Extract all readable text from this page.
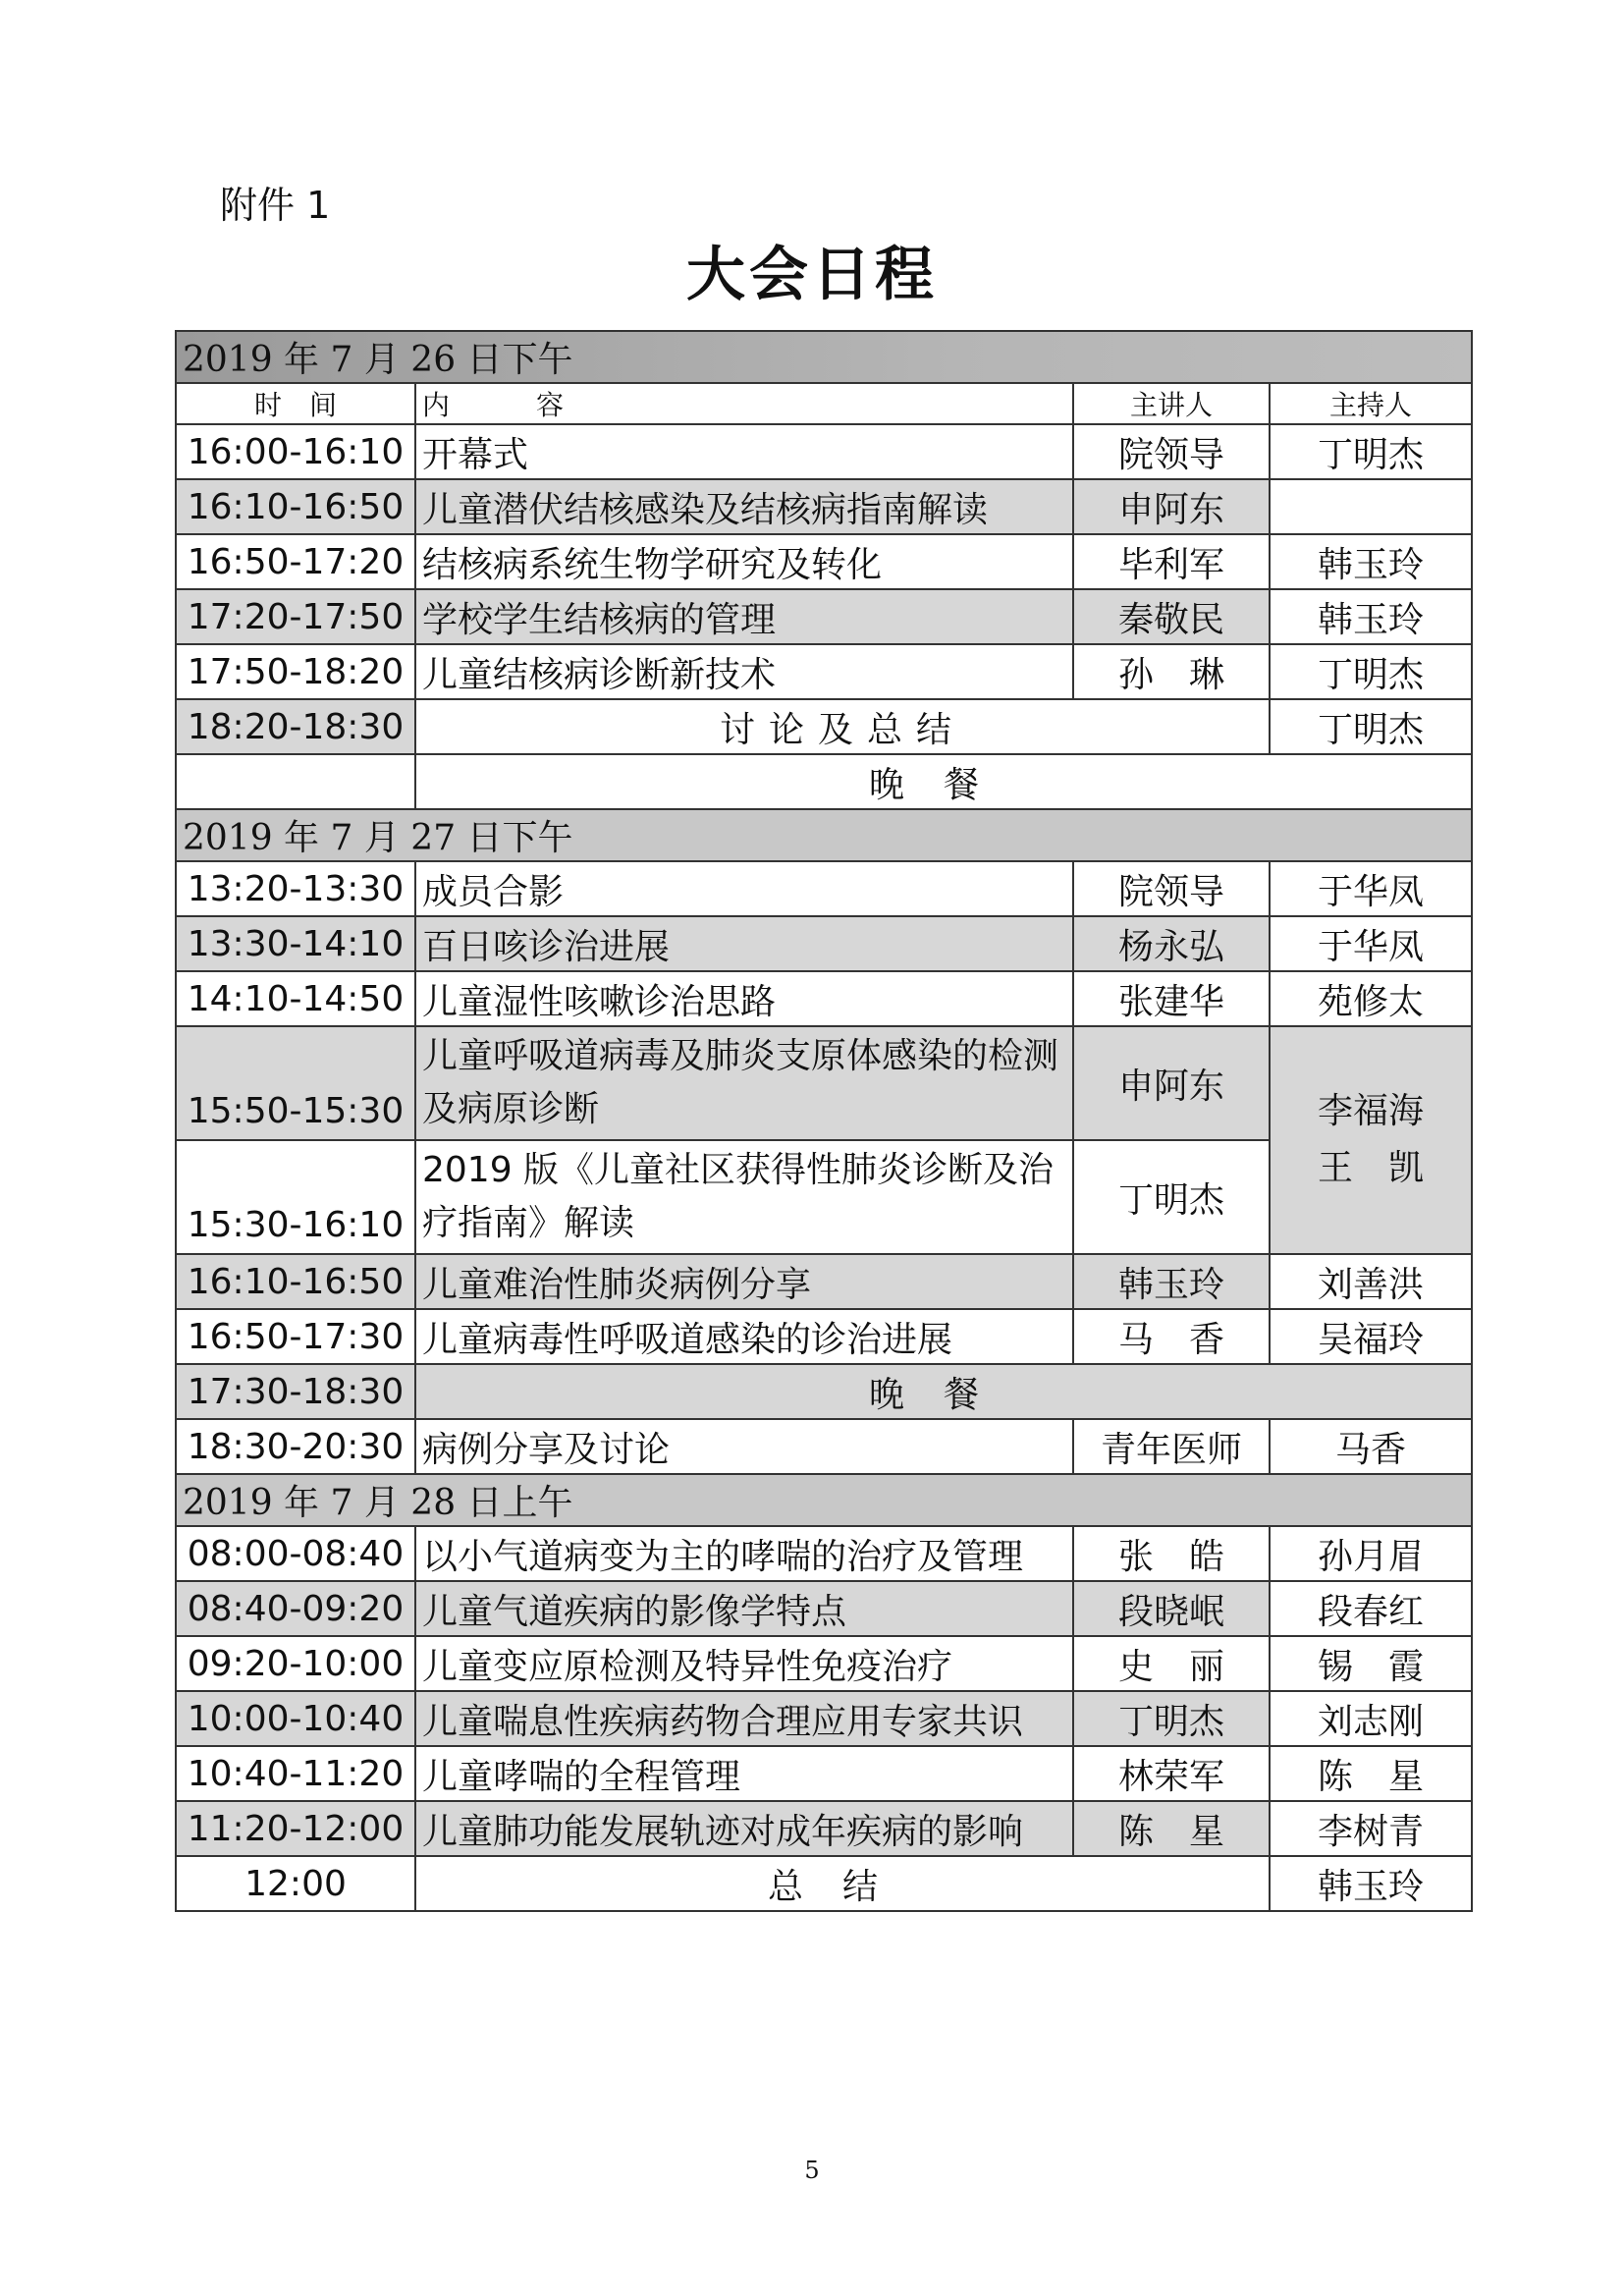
附件 1
大会日程
2019 年 7 月 26 日下午			
时　间	内　容	主讲人	主持人
16:00-16:10	开幕式	院领导	丁明杰
16:10-16:50	儿童潜伏结核感染及结核病指南解读	申阿东	
16:50-17:20	结核病系统生物学研究及转化	毕利军	韩玉玲
17:20-17:50	学校学生结核病的管理	秦敬民	韩玉玲
17:50-18:20	儿童结核病诊断新技术	孙　琳	丁明杰
18:20-18:30	讨论及总结		丁明杰
	晚餐		
2019 年 7 月 27 日下午			
13:20-13:30	成员合影	院领导	于华凤
13:30-14:10	百日咳诊治进展	杨永弘	于华凤
14:10-14:50	儿童湿性咳嗽诊治思路	张建华	苑修太
15:50-15:30	儿童呼吸道病毒及肺炎支原体感染的检测及病原诊断	申阿东	李福海
王　凯

15:30-16:10	2019 版《儿童社区获得性肺炎诊断及治疗指南》解读	丁明杰	
16:10-16:50	儿童难治性肺炎病例分享	韩玉玲	刘善洪
16:50-17:30	儿童病毒性呼吸道感染的诊治进展	马　香	吴福玲
17:30-18:30	晚餐		
18:30-20:30	病例分享及讨论	青年医师	马香
2019 年 7 月 28 日上午			
08:00-08:40	以小气道病变为主的哮喘的治疗及管理	张　皓	孙月眉
08:40-09:20	儿童气道疾病的影像学特点	段晓岷	段春红
09:20-10:00	儿童变应原检测及特异性免疫治疗	史　丽	锡　霞
10:00-10:40	儿童喘息性疾病药物合理应用专家共识	丁明杰	刘志刚
10:40-11:20	儿童哮喘的全程管理	林荣军	陈　星
11:20-12:00	儿童肺功能发展轨迹对成年疾病的影响	陈　星	李树青
12:00	总结		韩玉玲
5
